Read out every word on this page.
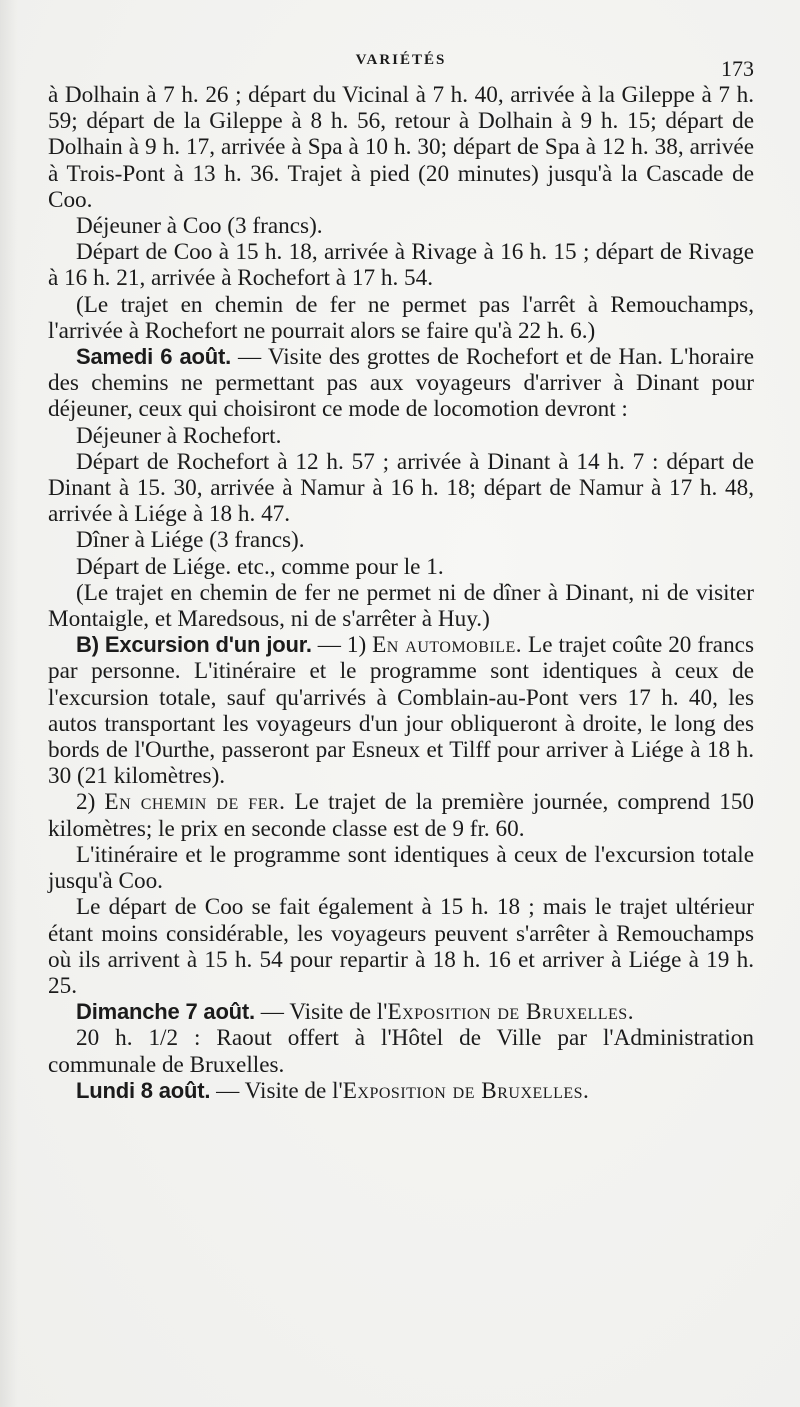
VARIÉTÉS	173

à Dolhain à 7 h. 26 ; départ du Vicinal à 7 h. 40, arrivée à la Gileppe à 7 h. 59; départ de la Gileppe à 8 h. 56, retour à Dolhain à 9 h. 15; départ de Dolhain à 9 h. 17, arrivée à Spa à 10 h. 30; départ de Spa à 12 h. 38, arrivée à Trois-Pont à 13 h. 36. Trajet à pied (20 minutes) jusqu'à la Cascade de Coo.

Déjeuner à Coo (3 francs).

Départ de Coo à 15 h. 18, arrivée à Rivage à 16 h. 15 ; départ de Rivage à 16 h. 21, arrivée à Rochefort à 17 h. 54.

(Le trajet en chemin de fer ne permet pas l'arrêt à Remouchamps, l'arrivée à Rochefort ne pourrait alors se faire qu'à 22 h. 6.)

Samedi 6 août. — Visite des grottes de Rochefort et de Han. L'horaire des chemins ne permettant pas aux voyageurs d'arriver à Dinant pour déjeuner, ceux qui choisiront ce mode de locomotion devront :

Déjeuner à Rochefort.

Départ de Rochefort à 12 h. 57 ; arrivée à Dinant à 14 h. 7 : départ de Dinant à 15. 30, arrivée à Namur à 16 h. 18; départ de Namur à 17 h. 48, arrivée à Liége à 18 h. 47.

Dîner à Liége (3 francs).

Départ de Liége. etc., comme pour le 1.

(Le trajet en chemin de fer ne permet ni de dîner à Dinant, ni de visiter Montaigle, et Maredsous, ni de s'arrêter à Huy.)

B) Excursion d'un jour. — 1) En automobile. Le trajet coûte 20 francs par personne. L'itinéraire et le programme sont identiques à ceux de l'excursion totale, sauf qu'arrivés à Comblain-au-Pont vers 17 h. 40, les autos transportant les voyageurs d'un jour obliqueront à droite, le long des bords de l'Ourthe, passeront par Esneux et Tilff pour arriver à Liége à 18 h. 30 (21 kilomètres).

2) En chemin de fer. Le trajet de la première journée, comprend 150 kilomètres; le prix en seconde classe est de 9 fr. 60.

L'itinéraire et le programme sont identiques à ceux de l'excursion totale jusqu'à Coo.

Le départ de Coo se fait également à 15 h. 18 ; mais le trajet ultérieur étant moins considérable, les voyageurs peuvent s'arrêter à Remouchamps où ils arrivent à 15 h. 54 pour repartir à 18 h. 16 et arriver à Liége à 19 h. 25.

Dimanche 7 août. — Visite de l'Exposition de Bruxelles.

20 h. 1/2 : Raout offert à l'Hôtel de Ville par l'Administration communale de Bruxelles.

Lundi 8 août. — Visite de l'Exposition de Bruxelles.
